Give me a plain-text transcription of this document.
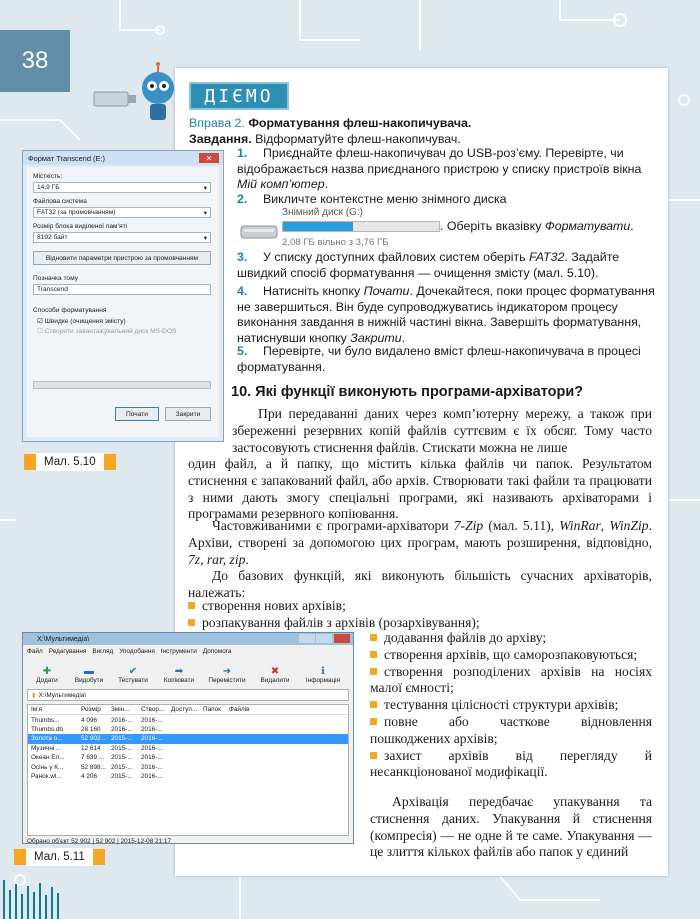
38
ДІЄМО
Вправа 2. Форматування флеш-накопичувача.
Завдання. Відформатуйте флеш-накопичувач.
1. Приєднайте флеш-накопичувач до USB-роз’єму. Перевірте, чи відображається назва приєднаного пристрою у списку пристроїв вікна Мій комп’ютер.
2. Викличте контекстне меню знімного диска
Знімний диск (G:)
2,08 ГБ вільно з 3,76 ГБ
. Оберіть вказівку Форматувати.
3. У списку доступних файлових систем оберіть FAT32. Задайте швидкий спосіб форматування — очищення змісту (мал. 5.10).
4. Натисніть кнопку Почати. Дочекайтеся, поки процес форматування не завершиться. Він буде супроводжуватись індикатором процесу виконання завдання в нижній частині вікна. Завершіть форматування, натиснувши кнопку Закрити.
5. Перевірте, чи було видалено вміст флеш-накопичувача в процесі форматування.
10. Які функції виконують програми-архіватори?
При передаванні даних через комп’ютерну мережу, а також при збереженні резервних копій файлів суттєвим є їх обсяг. Тому часто застосовують стиснення файлів. Стискати можна не лише
один файл, а й папку, що містить кілька файлів чи папок. Результатом стиснення є запакований файл, або архів. Створювати такі файли та працювати з ними дають змогу спеціальні програми, які називають архіваторами і програмами резервного копіювання.
Частовживаними є програми-архіватори 7-Zip (мал. 5.11), WinRar, WinZip. Архіви, створені за допомогою цих програм, мають розширення, відповідно, 7z, rar, zip.
До базових функцій, які виконують більшість сучасних архіваторів, належать:
створення нових архівів;
розпакування файлів з архівів (розархівування);
додавання файлів до архіву;
створення архівів, що саморозпаковуються;
створення розподілених архівів на носіях малої ємності;
тестування цілісності структури архівів;
повне або часткове відновлення пошкоджених архівів;
захист архівів від перегляду й несанкціонованої модифікації.
Архівація передбачає упакування та стиснення даних. Упакування й стиснення (компресія) — не одне й те саме. Упакування — це злиття кількох файлів або папок у єдиний
Мал. 5.10
Мал. 5.11
Формат Transcend (E:)	✕
Місткість:
14,9 ГБ	▾
Файлова система
FAT32 (за промовчанням)	▾
Розмір блока виділеної пам’яті
8192 байт	▾
Відновити параметри пристрою за промовчанням
Позначка тому
Transcend
Способи форматування
☑ Швидке (очищення змісту)
☐ Створити завантажувальний диск MS-DOS
Почати	Закрити
X:\Мультимедіа\
Файл Редагування Вигляд Уподобання Інструменти Допомога
✚
Додати
▬
Видобути
✔
Тестувати
➡
Копіювати
➜
Перемістити
✖
Видалити
ℹ
Інформація
▮ X:\Мультимедіа\
Ім’я	Розмір	Змін...	Створ...	Доступ... Папок	Файлів
Thumbs...	4 096	2016-...	2016-...
Thumbs.db	28 160	2016-...	2016-...
Золота о...	52 902... 2015-...	2016-...
Музичні ...	12 614	2015-...	2016-...
Океан Ел...	7 639 ...	2015-...	2016-...
Осінь у К...	52 898... 2015-...	2016-...
Ранок.wl...	4 206	2015-...	2016-...
Обрано об’єкт 52 902 | 52 902 | 2015-12-08 21:17
